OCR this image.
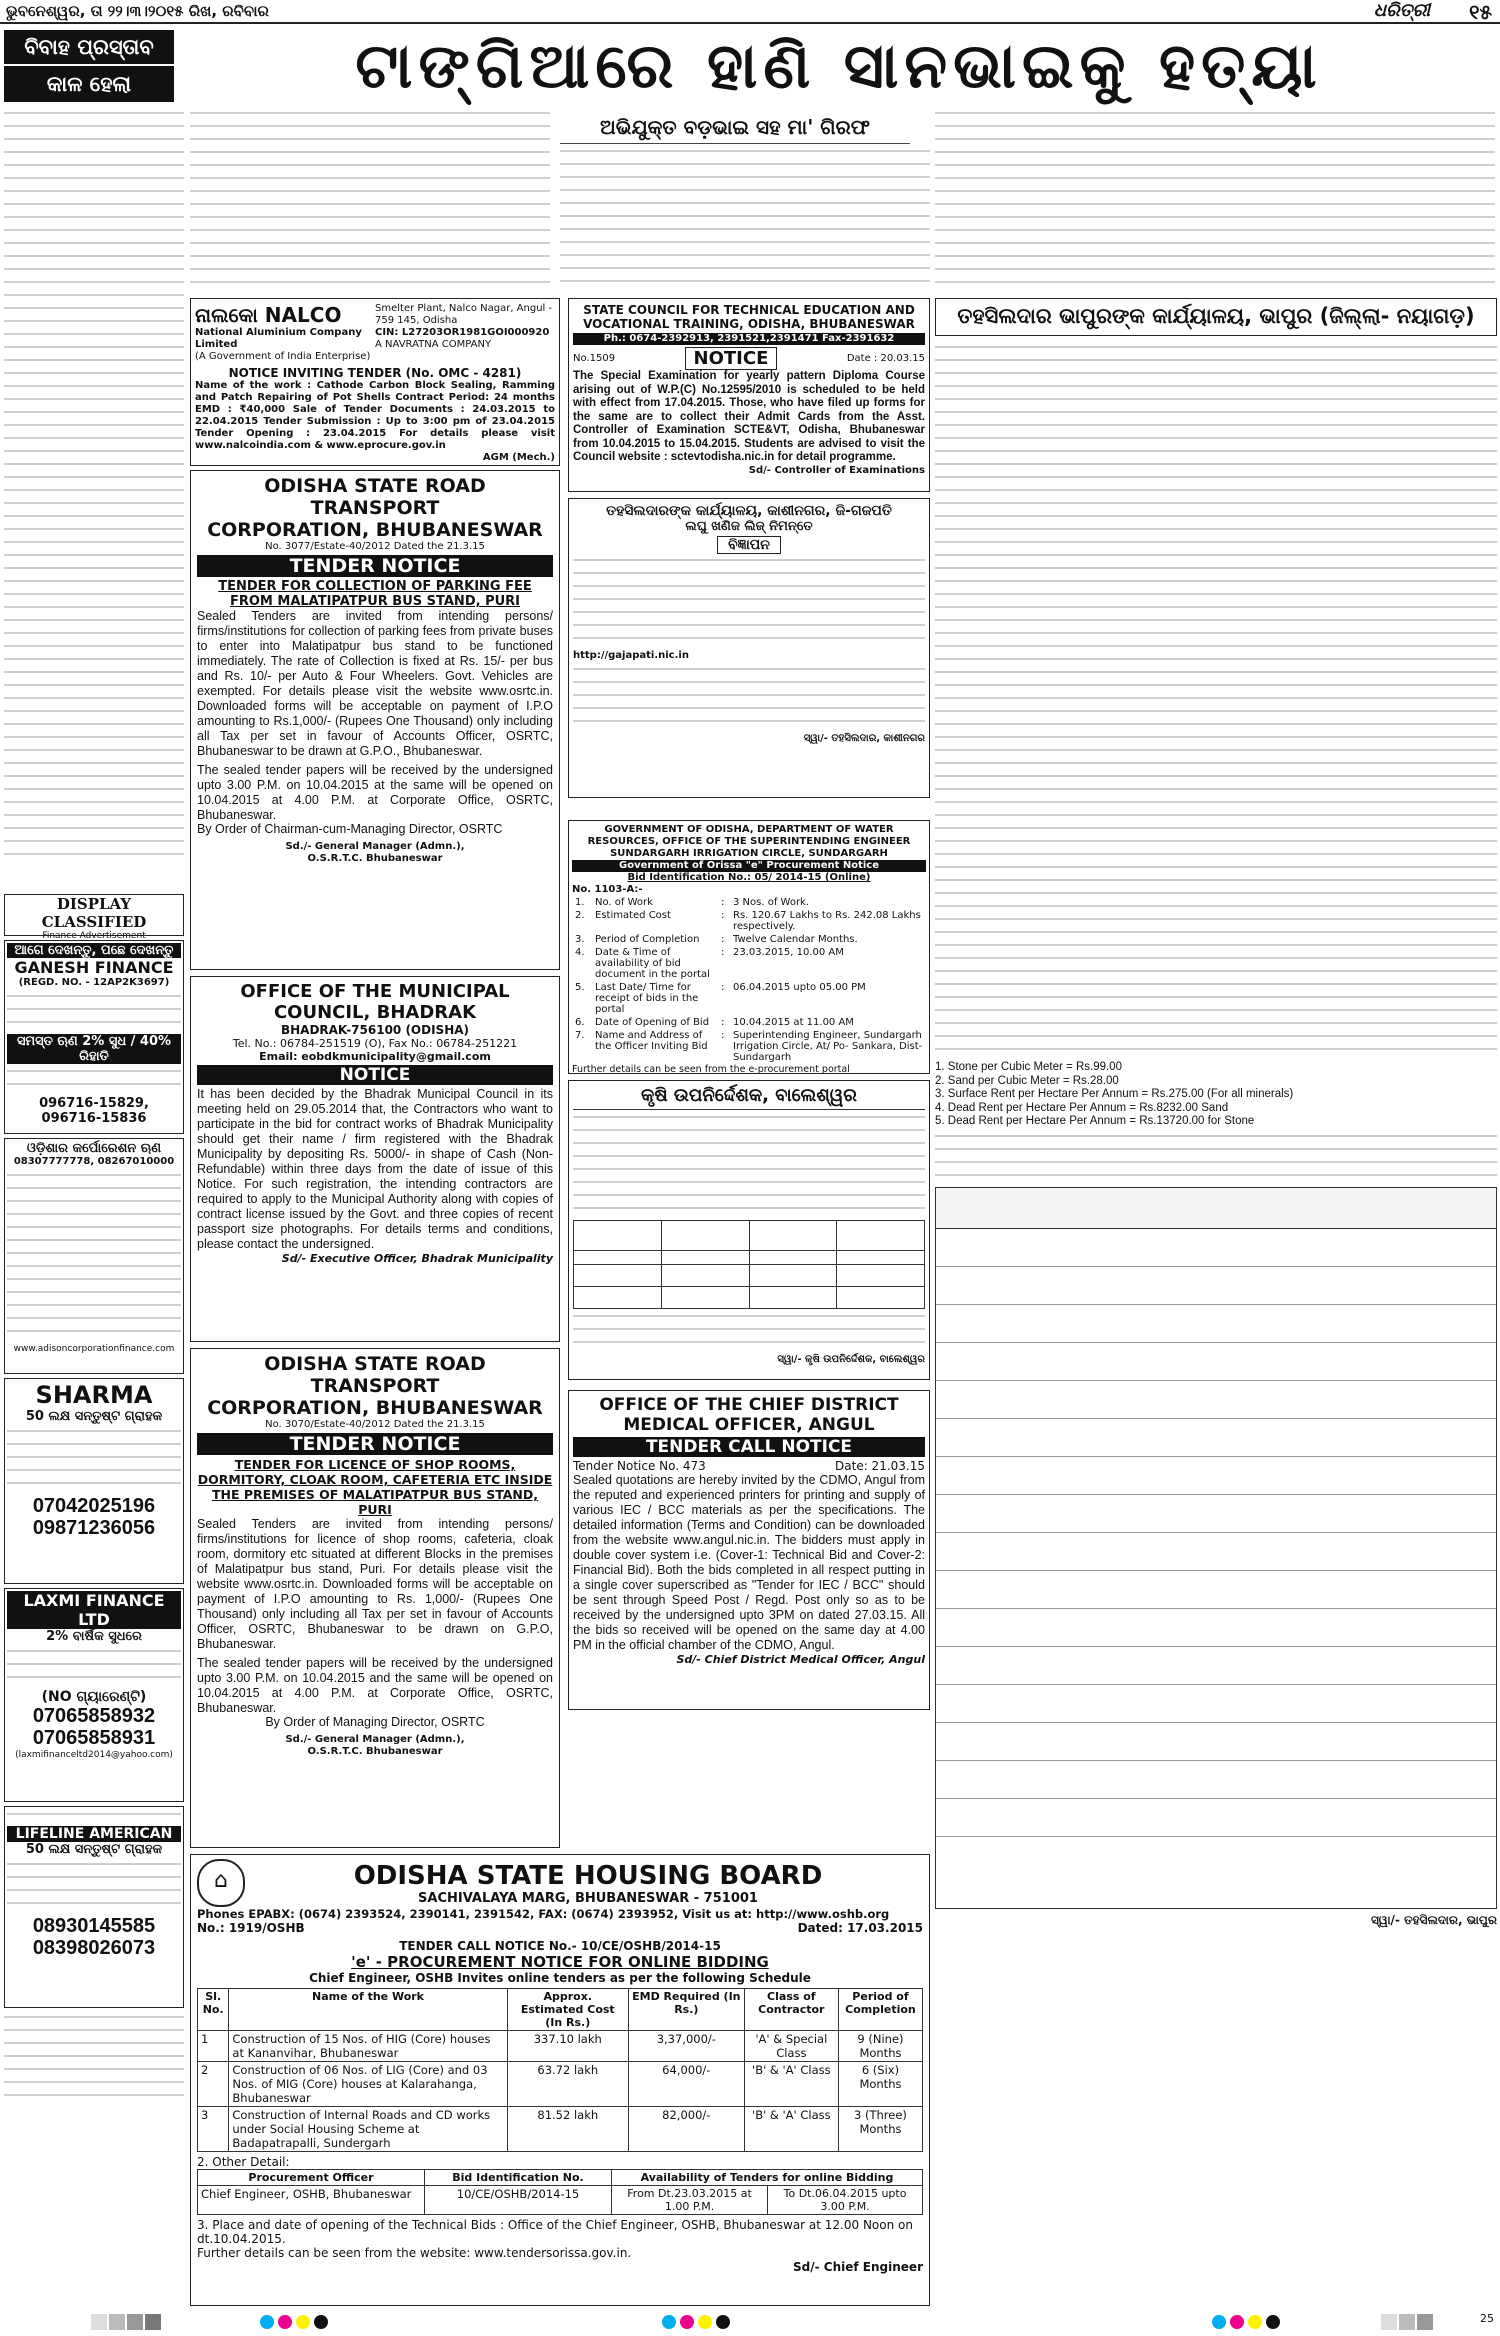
ଭୁବନେଶ୍ୱର, ତା ୨୨।୩।୨୦୧୫ ରିଖ, ରବିବାର	ଧରିତ୍ରୀ ୧୫
ବିବାହ ପ୍ରସ୍ତାବ
କାଳ ହେଲା	ଟାଙ୍ଗିଆରେ ହାଣି ସାନଭାଇକୁ ହତ୍ୟା
ଅଭିଯୁକ୍ତ ବଡ଼ଭାଇ ସହ ମା' ଗିରଫ
ନାଲକୋ NALCO
National Aluminium Company Limited
(A Government of India Enterprise)
Smelter Plant, Nalco Nagar, Angul - 759 145, Odisha
CIN: L27203OR1981GOI000920
A NAVRATNA COMPANY
NOTICE INVITING TENDER (No. OMC - 4281)
Name of the work : Cathode Carbon Block Sealing, Ramming and Patch Repairing of Pot Shells Contract Period: 24 months EMD : ₹40,000 Sale of Tender Documents : 24.03.2015 to 22.04.2015 Tender Submission : Up to 3:00 pm of 23.04.2015 Tender Opening : 23.04.2015 For details please visit www.nalcoindia.com & www.eprocure.gov.in
AGM (Mech.)
STATE COUNCIL FOR TECHNICAL EDUCATION AND
VOCATIONAL TRAINING, ODISHA, BHUBANESWAR
Ph.: 0674-2392913, 2391521,2391471 Fax-2391632
No.1509	NOTICE	Date : 20.03.15
The Special Examination for yearly pattern Diploma Course arising out of W.P.(C) No.12595/2010 is scheduled to be held with effect from 17.04.2015. Those, who have filed up forms for the same are to collect their Admit Cards from the Asst. Controller of Examination SCTE&VT, Odisha, Bhubaneswar from 10.04.2015 to 15.04.2015. Students are advised to visit the Council website : sctevtodisha.nic.in for detail programme.
Sd/- Controller of Examinations
ତହସିଲଦାର ଭାପୁରଙ୍କ କାର୍ଯ୍ୟାଳୟ, ଭାପୁର (ଜିଲ୍ଲା- ନୟାଗଡ଼)
1. Stone per Cubic Meter = Rs.99.00
2. Sand per Cubic Meter = Rs.28.00
3. Surface Rent per Hectare Per Annum = Rs.275.00 (For all minerals)
4. Dead Rent per Hectare Per Annum = Rs.8232.00 Sand
5. Dead Rent per Hectare Per Annum = Rs.13720.00 for Stone
ସ୍ୱା/- ତହସିଲଦାର, ଭାପୁର
ODISHA STATE ROAD TRANSPORT
CORPORATION, BHUBANESWAR
No. 3077/Estate-40/2012 Dated the 21.3.15
TENDER NOTICE
TENDER FOR COLLECTION OF PARKING FEE FROM MALATIPATPUR BUS STAND, PURI
Sealed Tenders are invited from intending persons/ firms/institutions for collection of parking fees from private buses to enter into Malatipatpur bus stand to be functioned immediately. The rate of Collection is fixed at Rs. 15/- per bus and Rs. 10/- per Auto & Four Wheelers. Govt. Vehicles are exempted. For details please visit the website www.osrtc.in. Downloaded forms will be acceptable on payment of I.P.O amounting to Rs.1,000/- (Rupees One Thousand) only including all Tax per set in favour of Accounts Officer, OSRTC, Bhubaneswar to be drawn at G.P.O., Bhubaneswar.
The sealed tender papers will be received by the undersigned upto 3.00 P.M. on 10.04.2015 at the same will be opened on 10.04.2015 at 4.00 P.M. at Corporate Office, OSRTC, Bhubaneswar.
By Order of Chairman-cum-Managing Director, OSRTC
Sd./- General Manager (Admn.),
O.S.R.T.C. Bhubaneswar
ତହସିଲଦାରଙ୍କ କାର୍ଯ୍ୟାଳୟ, କାଶୀନଗର, ଜି-ଗଜପତି
ଲଘୁ ଖଣିଜ ଲିଜ୍ ନିମନ୍ତେ
ବିଜ୍ଞାପନ
http://gajapati.nic.in
ସ୍ୱା/- ତହସିଲଦାର, କାଶୀନଗର
GOVERNMENT OF ODISHA, DEPARTMENT OF WATER
RESOURCES, OFFICE OF THE SUPERINTENDING ENGINEER
SUNDARGARH IRRIGATION CIRCLE, SUNDARGARH
Government of Orissa "e" Procurement Notice
Bid Identification No.: 05/ 2014-15 (Online)
No. 1103-A:-
1.	No. of Work	:	3 Nos. of Work.
2.	Estimated Cost	:	Rs. 120.67 Lakhs to Rs. 242.08 Lakhs respectively.
3.	Period of Completion	:	Twelve Calendar Months.
4.	Date & Time of availability of bid document in the portal	:	23.03.2015, 10.00 AM
5.	Last Date/ Time for receipt of bids in the portal	:	06.04.2015 upto 05.00 PM
6.	Date of Opening of Bid	:	10.04.2015 at 11.00 AM
7.	Name and Address of the Officer Inviting Bid	:	Superintending Engineer, Sundargarh Irrigation Circle, At/ Po- Sankara, Dist-Sundargarh
Further details can be seen from the e-procurement portal
କୃଷି ଉପନିର୍ଦ୍ଦେଶକ, ବାଲେଶ୍ୱର

ସ୍ୱା/- କୃଷି ଉପନିର୍ଦ୍ଦେଶକ, ବାଲେଶ୍ୱର
OFFICE OF THE MUNICIPAL
COUNCIL, BHADRAK
BHADRAK-756100 (ODISHA)
Tel. No.: 06784-251519 (O), Fax No.: 06784-251221
Email: eobdkmunicipality@gmail.com
NOTICE
It has been decided by the Bhadrak Municipal Council in its meeting held on 29.05.2014 that, the Contractors who want to participate in the bid for contract works of Bhadrak Municipality should get their name / firm registered with the Bhadrak Municipality by depositing Rs. 5000/- in shape of Cash (Non-Refundable) within three days from the date of issue of this Notice. For such registration, the intending contractors are required to apply to the Municipal Authority along with copies of contract license issued by the Govt. and three copies of recent passport size photographs. For details terms and conditions, please contact the undersigned.
Sd/- Executive Officer, Bhadrak Municipality
OFFICE OF THE CHIEF DISTRICT
MEDICAL OFFICER, ANGUL
TENDER CALL NOTICE
Tender Notice No. 473	Date: 21.03.15
Sealed quotations are hereby invited by the CDMO, Angul from the reputed and experienced printers for printing and supply of various IEC / BCC materials as per the specifications. The detailed information (Terms and Condition) can be downloaded from the website www.angul.nic.in. The bidders must apply in double cover system i.e. (Cover-1: Technical Bid and Cover-2: Financial Bid). Both the bids completed in all respect putting in a single cover superscribed as "Tender for IEC / BCC" should be sent through Speed Post / Regd. Post only so as to be received by the undersigned upto 3PM on dated 27.03.15. All the bids so received will be opened on the same day at 4.00 PM in the official chamber of the CDMO, Angul.
Sd/- Chief District Medical Officer, Angul
ODISHA STATE ROAD TRANSPORT
CORPORATION, BHUBANESWAR
No. 3070/Estate-40/2012 Dated the 21.3.15
TENDER NOTICE
TENDER FOR LICENCE OF SHOP ROOMS, DORMITORY, CLOAK ROOM, CAFETERIA ETC INSIDE THE PREMISES OF MALATIPATPUR BUS STAND, PURI
Sealed Tenders are invited from intending persons/ firms/institutions for licence of shop rooms, cafeteria, cloak room, dormitory etc situated at different Blocks in the premises of Malatipatpur bus stand, Puri. For details please visit the website www.osrtc.in. Downloaded forms will be acceptable on payment of I.P.O amounting to Rs. 1,000/- (Rupees One Thousand) only including all Tax per set in favour of Accounts Officer, OSRTC, Bhubaneswar to be drawn on G.P.O, Bhubaneswar.
The sealed tender papers will be received by the undersigned upto 3.00 P.M. on 10.04.2015 and the same will be opened on 10.04.2015 at 4.00 P.M. at Corporate Office, OSRTC, Bhubaneswar.
By Order of Managing Director, OSRTC
Sd./- General Manager (Admn.),
O.S.R.T.C. Bhubaneswar
⌂	ODISHA STATE HOUSING BOARD
SACHIVALAYA MARG, BHUBANESWAR - 751001
Phones EPABX: (0674) 2393524, 2390141, 2391542, FAX: (0674) 2393952, Visit us at: http://www.oshb.org
No.: 1919/OSHB	Dated: 17.03.2015
TENDER CALL NOTICE No.- 10/CE/OSHB/2014-15
'e' - PROCUREMENT NOTICE FOR ONLINE BIDDING
Chief Engineer, OSHB Invites online tenders as per the following Schedule
Sl. No.	Name of the Work	Approx. Estimated Cost (In Rs.)	EMD Required (In Rs.)	Class of Contractor	Period of Completion
1	Construction of 15 Nos. of HIG (Core) houses at Kananvihar, Bhubaneswar	337.10 lakh	3,37,000/-	'A' & Special Class	9 (Nine) Months
2	Construction of 06 Nos. of LIG (Core) and 03 Nos. of MIG (Core) houses at Kalarahanga, Bhubaneswar	63.72 lakh	64,000/-	'B' & 'A' Class	6 (Six) Months
3	Construction of Internal Roads and CD works under Social Housing Scheme at Badapatrapalli, Sundergarh	81.52 lakh	82,000/-	'B' & 'A' Class	3 (Three) Months
2. Other Detail:
Procurement Officer	Bid Identification No.	Availability of Tenders for online Bidding	
Chief Engineer, OSHB, Bhubaneswar	10/CE/OSHB/2014-15	From Dt.23.03.2015 at 1.00 P.M.	To Dt.06.04.2015 upto 3.00 P.M.
3. Place and date of opening of the Technical Bids : Office of the Chief Engineer, OSHB, Bhubaneswar at 12.00 Noon on dt.10.04.2015.
Further details can be seen from the website: www.tendersorissa.gov.in.
Sd/- Chief Engineer
DISPLAY CLASSIFIED
Finance Advertisement
ଆଗେ ଦେଖନ୍ତୁ, ପଛେ ଦେଖନ୍ତୁ
GANESH FINANCE
(REGD. NO. - 12AP2K3697)
ସମସ୍ତ ଋଣ 2% ସୁଧ / 40% ରିହାତି
096716-15829, 096716-15836
ଓଡ଼ିଶାର କର୍ପୋରେଶନ ଋଣ
08307777778, 08267010000
www.adisoncorporationfinance.com
SHARMA
50 ଲକ୍ଷ ସନ୍ତୁଷ୍ଟ ଗ୍ରାହକ
07042025196
09871236056
LAXMI FINANCE LTD
2% ବାର୍ଷିକ ସୁଧରେ
(NO ଗ୍ୟାରେଣ୍ଟି)
07065858932
07065858931
(laxmifinanceltd2014@yahoo.com)
LIFELINE AMERICAN
50 ଲକ୍ଷ ସନ୍ତୁଷ୍ଟ ଗ୍ରାହକ
08930145585
08398026073
25
